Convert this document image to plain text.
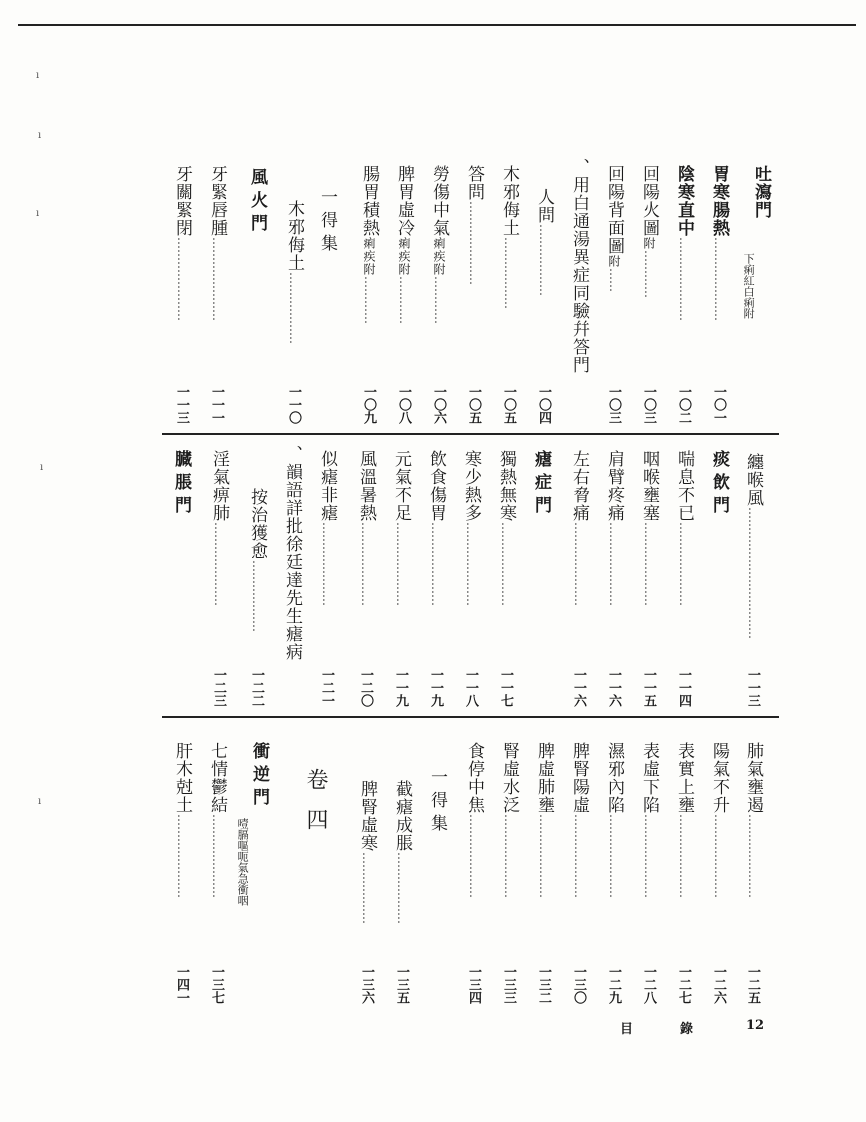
吐瀉門
下痢紅白痢附
胃寒腸熱…………………
一〇一
陰寒直中…………………
一〇二
回陽火圖附…………
一〇三
回陽背面圖附……
一〇三
、用白通湯異症同驗幷答門
人問………………
一〇四
木邪侮土………………
一〇五
答問…………………
一〇五
勞傷中氣痢疾附…………
一〇六
脾胃虛冷痢疾附…………
一〇八
腸胃積熱痢疾附…………
一〇九
一得集
木邪侮土………………
一一〇
風火門
牙緊唇腫…………………
一一一
牙關緊閉…………………
一一三
纏喉風……………………………
一一三
痰飲門
喘息不已…………………
一一四
咽喉壅塞…………………
一一五
肩臂疼痛…………………
一一六
左右脅痛…………………
一一六
瘧症門
獨熱無寒…………………
一一七
寒少熱多…………………
一一八
飲食傷胃…………………
一一九
元氣不足…………………
一一九
風溫暑熱…………………
一二〇
似瘧非瘧…………………
一二一
、韻語詳批徐廷達先生瘧病
按治獲愈………………
一二二
淫氣痹肺…………………
一二三
臓脹門
肺氣壅遏…………………
一二五
陽氣不升…………………
一二六
表實上壅…………………
一二七
表虛下陷…………………
一二八
濕邪內陷…………………
一二九
脾腎陽虛…………………
一三〇
脾虛肺壅…………………
一三二
腎虛水泛…………………
一三三
食停中焦…………………
一三四
一得集
截瘧成脹………………
一三五
脾腎虛寒………………
一三六
卷四
衝逆門
噎膈嘔呃氣急衝咽
七情鬱結…………………
一三七
肝木尅土…………………
一四一
目	錄	12
ı
ı
ı
ı
ı
